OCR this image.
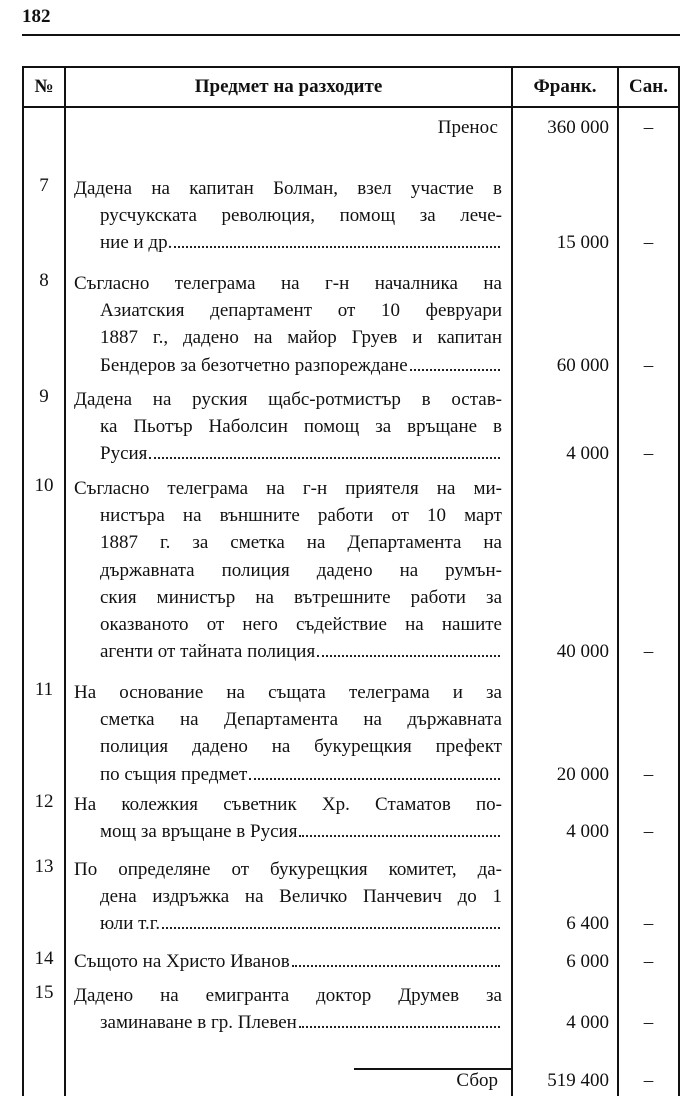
182
№	Предмет на разходите	Франк.	Сан.
Пренос	360 000	–
7	Дадена на капитан Болман, взел участие в
русчукската революция, помощ за лече-
ние и др.	15 000	–
8	Съгласно телеграма на г-н началника на
Азиатския департамент от 10 февруари
1887 г., дадено на майор Груев и капитан
Бендеров за безотчетно разпореждане	60 000	–
9	Дадена на руския щабс-ротмистър в остав-
ка Пьотър Наболсин помощ за връщане в
Русия	4 000	–
10	Съгласно телеграма на г-н приятеля на ми-
нистъра на външните работи от 10 март
1887 г. за сметка на Департамента на
държавната полиция дадено на румън-
ския министър на вътрешните работи за
оказваното от него съдействие на нашите
агенти от тайната полиция	40 000	–
11	На основание на същата телеграма и за
сметка на Департамента на държавната
полиция дадено на букурещкия префект
по същия предмет	20 000	–
12	На колежкия съветник Хр. Стаматов по-
мощ за връщане в Русия	4 000	–
13	По определяне от букурещкия комитет, да-
дена издръжка на Величко Панчевич до 1
юли т.г.	6 400	–
14	Същото на Христо Иванов	6 000	–
15	Дадено на емигранта доктор Друмев за
заминаване в гр. Плевен	4 000	–
Сбор	519 400	–
